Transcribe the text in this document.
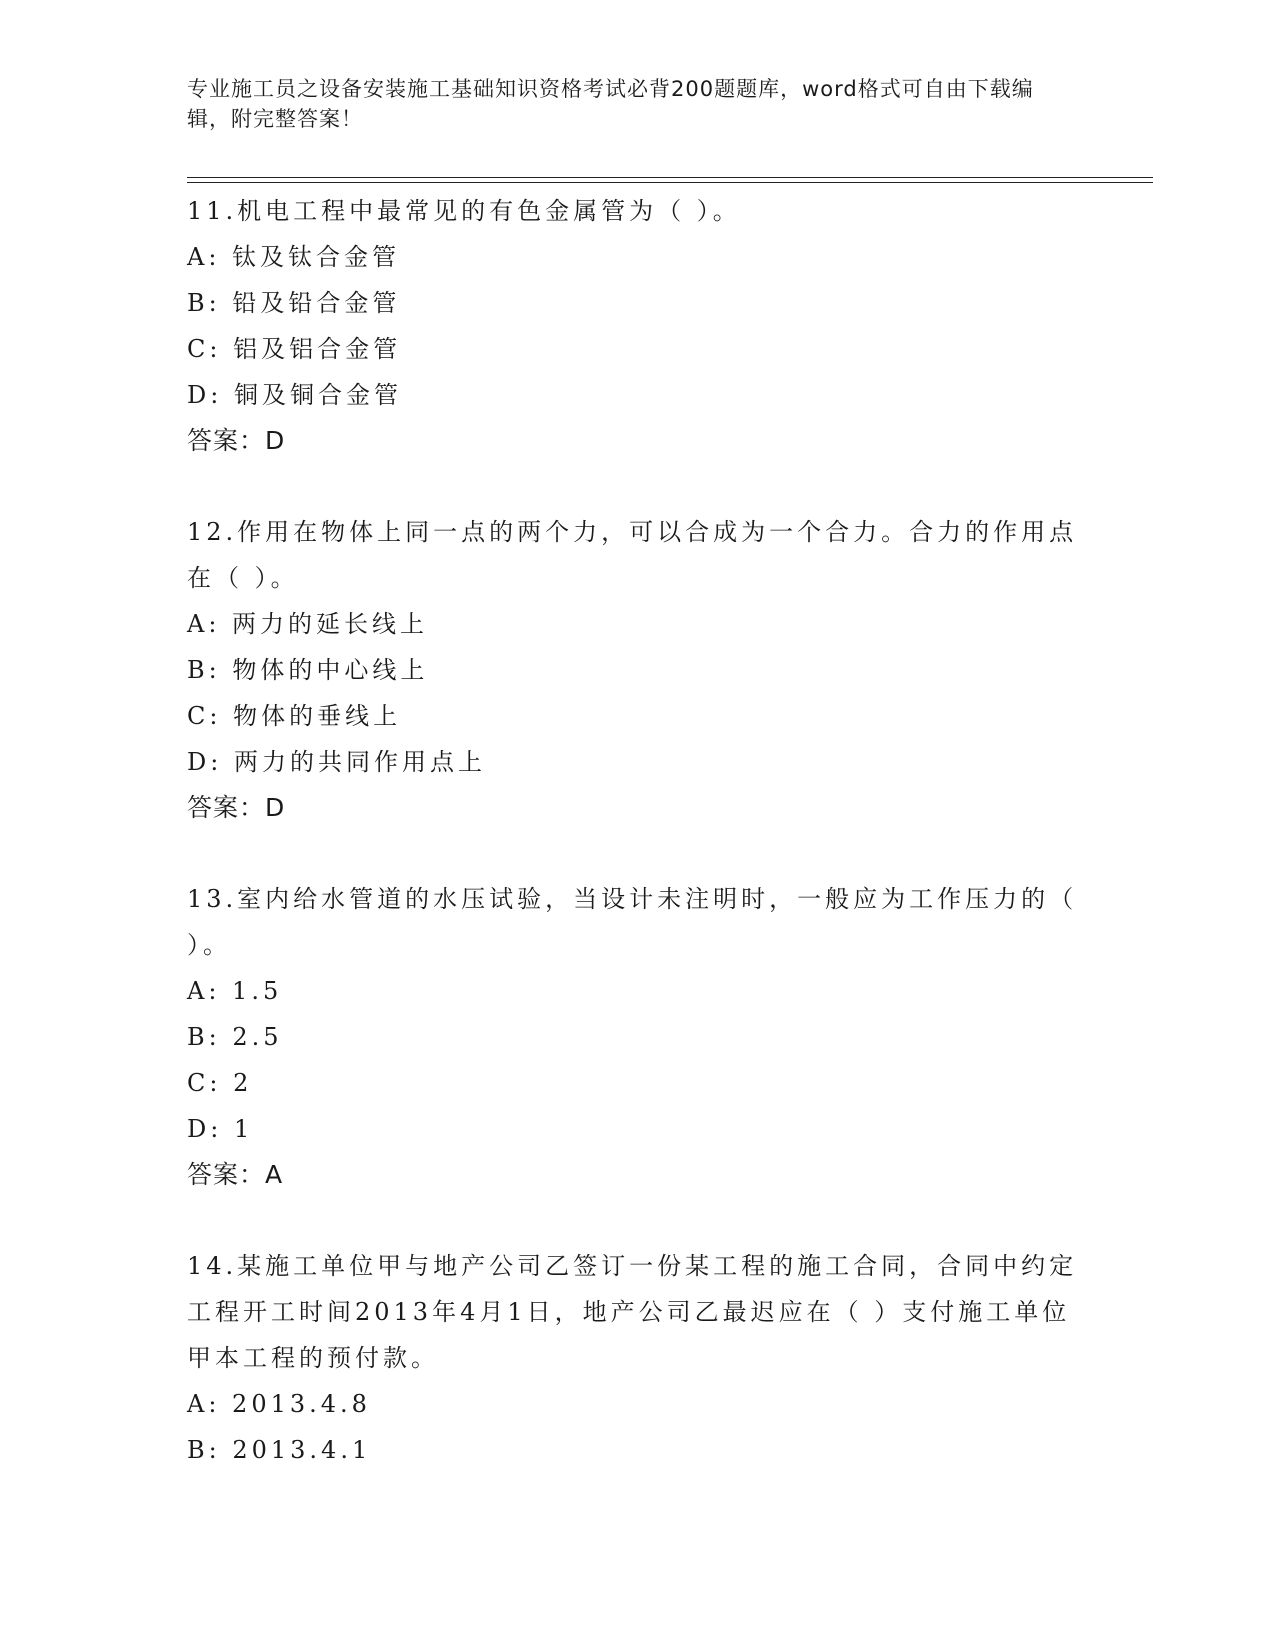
专业施工员之设备安装施工基础知识资格考试必背200题题库，word格式可自由下载编辑，附完整答案！
11.机电工程中最常见的有色金属管为（ ）。
A: 钛及钛合金管
B: 铅及铅合金管
C: 铝及铝合金管
D: 铜及铜合金管
答案：D
12.作用在物体上同一点的两个力，可以合成为一个合力。合力的作用点在（ ）。
A: 两力的延长线上
B: 物体的中心线上
C: 物体的垂线上
D: 两力的共同作用点上
答案：D
13.室内给水管道的水压试验，当设计未注明时，一般应为工作压力的（ ）。
A: 1.5
B: 2.5
C: 2
D: 1
答案：A
14.某施工单位甲与地产公司乙签订一份某工程的施工合同，合同中约定工程开工时间2013年4月1日，地产公司乙最迟应在（ ）支付施工单位甲本工程的预付款。
A: 2013.4.8
B: 2013.4.1
